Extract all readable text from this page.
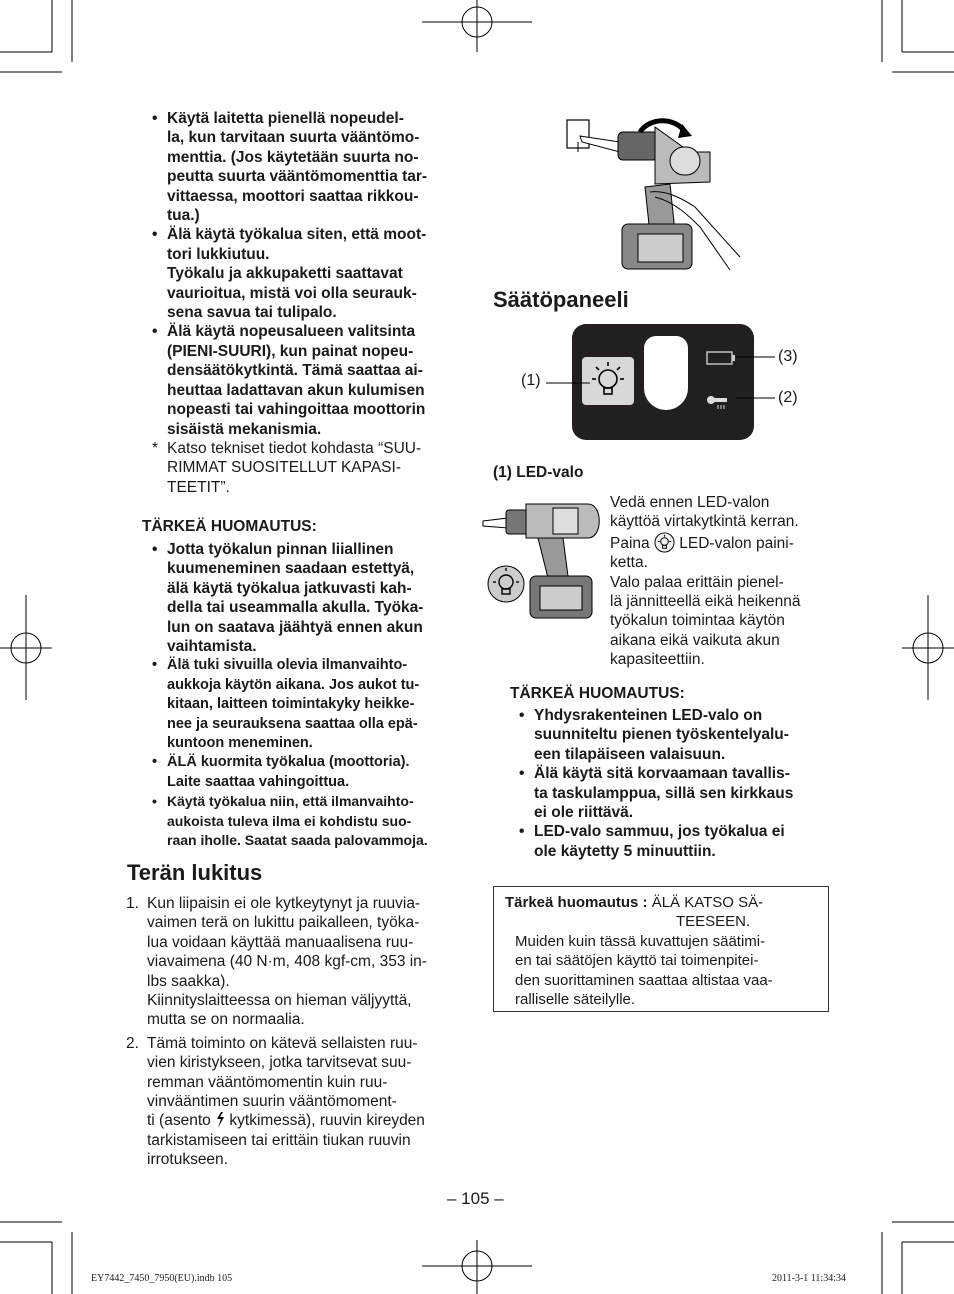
• Käytä laitetta pienellä nopeudel-
la, kun tarvitaan suurta vääntömo-
menttia. (Jos käytetään suurta no-
peutta suurta vääntömomenttia tar-
vittaessa, moottori saattaa rikkou-
tua.)
• Älä käytä työkalua siten, että moot-
tori lukkiutuu.
Työkalu ja akkupaketti saattavat
vaurioitua, mistä voi olla seurauk-
sena savua tai tulipalo.
• Älä käytä nopeusalueen valitsinta
(PIENI-SUURI), kun painat nopeu-
densäätökytkintä. Tämä saattaa ai-
heuttaa ladattavan akun kulumisen
nopeasti tai vahingoittaa moottorin
sisäistä mekanismia.
* Katso tekniset tiedot kohdasta “SUU-
RIMMAT SUOSITELLUT KAPASI-
TEETIT”.
TÄRKEÄ HUOMAUTUS:
• Jotta työkalun pinnan liiallinen
kuumeneminen saadaan estettyä,
älä käytä työkalua jatkuvasti kah-
della tai useammalla akulla. Työka-
lun on saatava jäähtyä ennen akun
vaihtamista.
• Älä tuki sivuilla olevia ilmanvaihto-
aukkoja käytön aikana. Jos aukot tu-
kitaan, laitteen toimintakyky heikke-
nee ja seurauksena saattaa olla epä-
kuntoon meneminen.
• ÄLÄ kuormita työkalua (moottoria).
Laite saattaa vahingoittua.
• Käytä työkalua niin, että ilmanvaihto-
aukoista tuleva ilma ei kohdistu suo-
raan iholle. Saatat saada palovammoja.
Terän lukitus
1. Kun liipaisin ei ole kytkeytynyt ja ruuvia-
vaimen terä on lukittu paikalleen, työka-
lua voidaan käyttää manuaalisena ruu-
viavaimena (40 N·m, 408 kgf-cm, 353 in-
lbs saakka).
Kiinnityslaitteessa on hieman väljyyttä,
mutta se on normaalia.
2. Tämä toiminto on kätevä sellaisten ruu-
vien kiristykseen, jotka tarvitsevat suu-
remman vääntömomentin kuin ruu-
vinvääntimen suurin vääntömoment-
ti (asento kytkimessä), ruuvin kireyden
tarkistamiseen tai erittäin tiukan ruuvin
irrotukseen.
Säätöpaneeli
(1)
(3)
(2)
(1) LED-valo
Vedä ennen LED-valon
käyttöä virtakytkintä kerran.
Paina LED-valon paini-
ketta.
Valo palaa erittäin pienel-
lä jännitteellä eikä heikennä
työkalun toimintaa käytön
aikana eikä vaikuta akun
kapasiteettiin.
TÄRKEÄ HUOMAUTUS:
• Yhdysrakenteinen LED-valo on
suunniteltu pienen työskentelyalu-
een tilapäiseen valaisuun.
• Älä käytä sitä korvaamaan tavallis-
ta taskulamppua, sillä sen kirkkaus
ei ole riittävä.
• LED-valo sammuu, jos työkalua ei
ole käytetty 5 minuuttiin.
Tärkeä huomautus : ÄLÄ KATSO SÄ-
TEESEEN.
Muiden kuin tässä kuvattujen säätimi-
en tai säätöjen käyttö tai toimenpitei-
den suorittaminen saattaa altistaa vaa-
ralliselle säteilylle.
– 105 –
EY7442_7450_7950(EU).indb 105	2011-3-1 11:34:34
